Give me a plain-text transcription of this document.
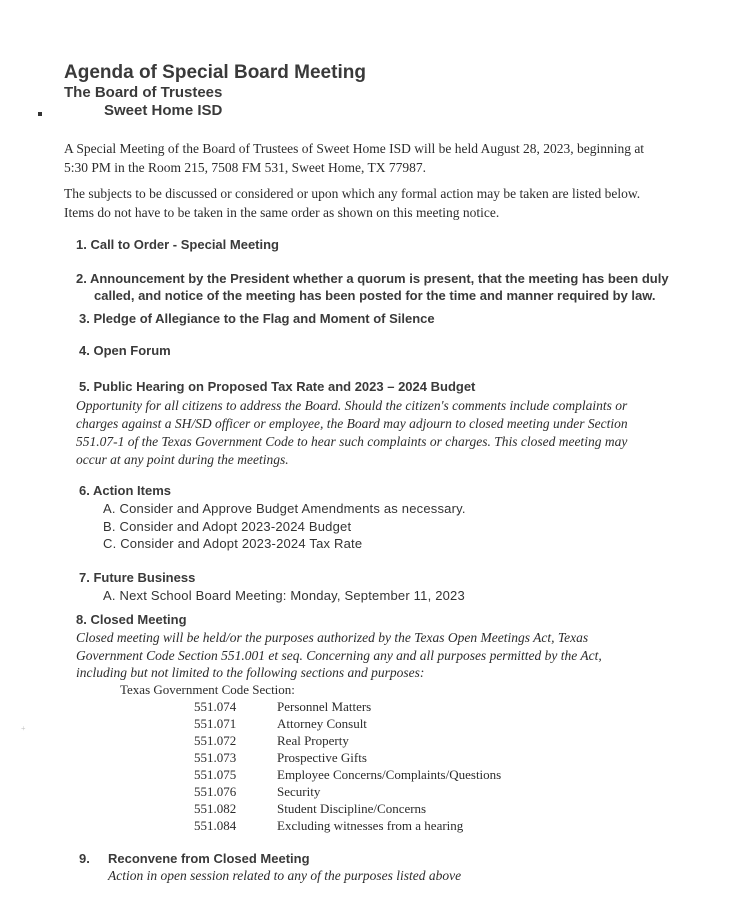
Agenda of Special Board Meeting
The Board of Trustees
Sweet Home ISD
A Special Meeting of the Board of Trustees of Sweet Home ISD will be held August 28, 2023, beginning at
5:30 PM in the Room 215, 7508 FM 531, Sweet Home, TX 77987.
The subjects to be discussed or considered or upon which any formal action may be taken are listed below.
Items do not have to be taken in the same order as shown on this meeting notice.
1. Call to Order - Special Meeting
2. Announcement by the President whether a quorum is present, that the meeting has been duly
called, and notice of the meeting has been posted for the time and manner required by law.
3. Pledge of Allegiance to the Flag and Moment of Silence
4. Open Forum
5. Public Hearing on Proposed Tax Rate and 2023 – 2024 Budget
Opportunity for all citizens to address the Board. Should the citizen's comments include complaints or
charges against a SH/SD officer or employee, the Board may adjourn to closed meeting under Section
551.07-1 of the Texas Government Code to hear such complaints or charges. This closed meeting may
occur at any point during the meetings.
6. Action Items
A. Consider and Approve Budget Amendments as necessary.
B. Consider and Adopt 2023-2024 Budget
C. Consider and Adopt 2023-2024 Tax Rate
7. Future Business
A. Next School Board Meeting: Monday, September 11, 2023
8. Closed Meeting
Closed meeting will be held/or the purposes authorized by the Texas Open Meetings Act, Texas
Government Code Section 551.001 et seq. Concerning any and all purposes permitted by the Act,
including but not limited to the following sections and purposes:
Texas Government Code Section:
551.074	Personnel Matters
551.071	Attorney Consult
551.072	Real Property
551.073	Prospective Gifts
551.075	Employee Concerns/Complaints/Questions
551.076	Security
551.082	Student Discipline/Concerns
551.084	Excluding witnesses from a hearing
9. Reconvene from Closed Meeting
Action in open session related to any of the purposes listed above
+
